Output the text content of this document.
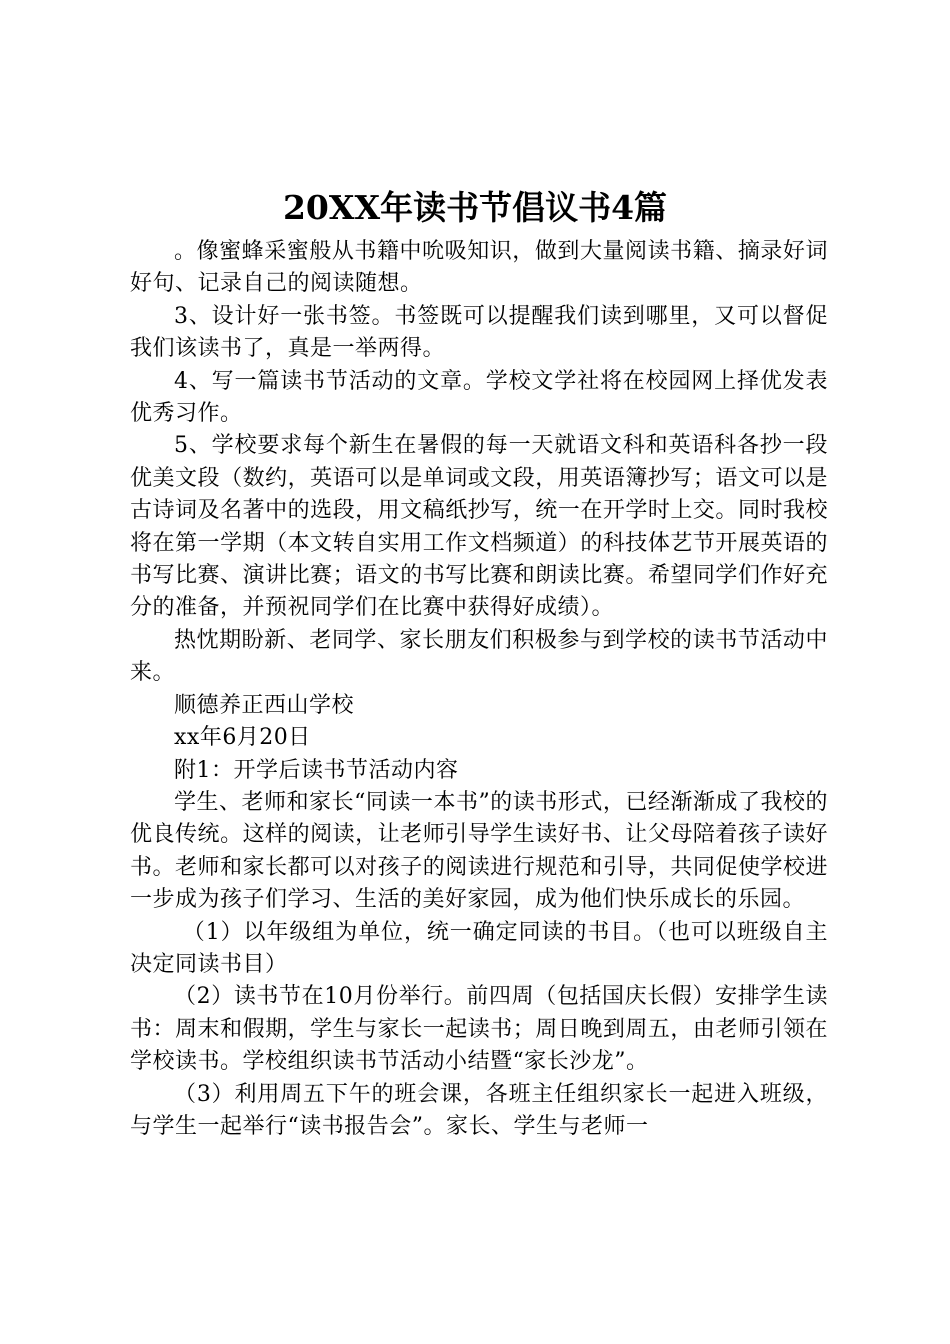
20XX年读书节倡议书4篇

。像蜜蜂采蜜般从书籍中吮吸知识，做到大量阅读书籍、摘录好词好句、记录自己的阅读随想。

3、设计好一张书签。书签既可以提醒我们读到哪里，又可以督促我们该读书了，真是一举两得。

4、写一篇读书节活动的文章。学校文学社将在校园网上择优发表优秀习作。

5、学校要求每个新生在暑假的每一天就语文科和英语科各抄一段优美文段（数约，英语可以是单词或文段，用英语簿抄写；语文可以是古诗词及名著中的选段，用文稿纸抄写，统一在开学时上交。同时我校将在第一学期（本文转自实用工作文档频道）的科技体艺节开展英语的书写比赛、演讲比赛；语文的书写比赛和朗读比赛。希望同学们作好充分的准备，并预祝同学们在比赛中获得好成绩）。

热忱期盼新、老同学、家长朋友们积极参与到学校的读书节活动中来。

顺德养正西山学校

xx年6月20日

附1：开学后读书节活动内容

学生、老师和家长“同读一本书”的读书形式，已经渐渐成了我校的优良传统。这样的阅读，让老师引导学生读好书、让父母陪着孩子读好书。老师和家长都可以对孩子的阅读进行规范和引导，共同促使学校进一步成为孩子们学习、生活的美好家园，成为他们快乐成长的乐园。

（1）以年级组为单位，统一确定同读的书目。（也可以班级自主决定同读书目）

（2）读书节在10月份举行。前四周（包括国庆长假）安排学生读书：周末和假期，学生与家长一起读书；周日晚到周五，由老师引领在学校读书。学校组织读书节活动小结暨“家长沙龙”。

（3）利用周五下午的班会课，各班主任组织家长一起进入班级，与学生一起举行“读书报告会”。家长、学生与老师一
